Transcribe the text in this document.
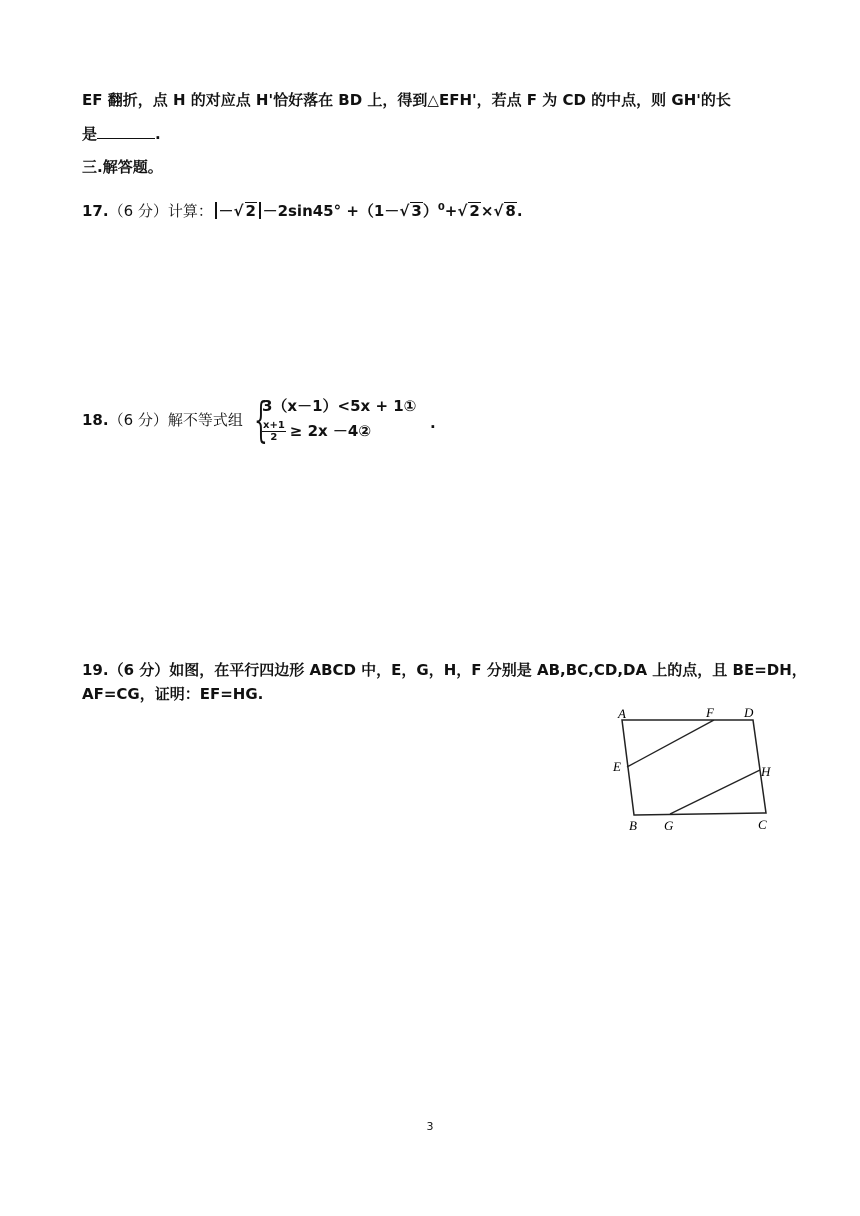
EF 翻折，点 H 的对应点 H'恰好落在 BD 上，得到△EFH'，若点 F 为 CD 的中点，则 GH'的长
是	.
三.解答题。
17.（6 分）计算： －√ 2 －2sin45° +（1－√ 3）$^0$+√ 2×√ 8.
18.（6 分）解不等式组 {
3（x－1）<5x + 1①
$\frac{x+1}{2} \ge 2x$ －4②	.
19.（6 分）如图，在平行四边形 ABCD 中，E，G，H，F 分别是 AB,BC,CD,DA 上的点，且 BE=DH，
AF=CG，证明：EF=HG.
A	F D
E	H
B G	C
3
